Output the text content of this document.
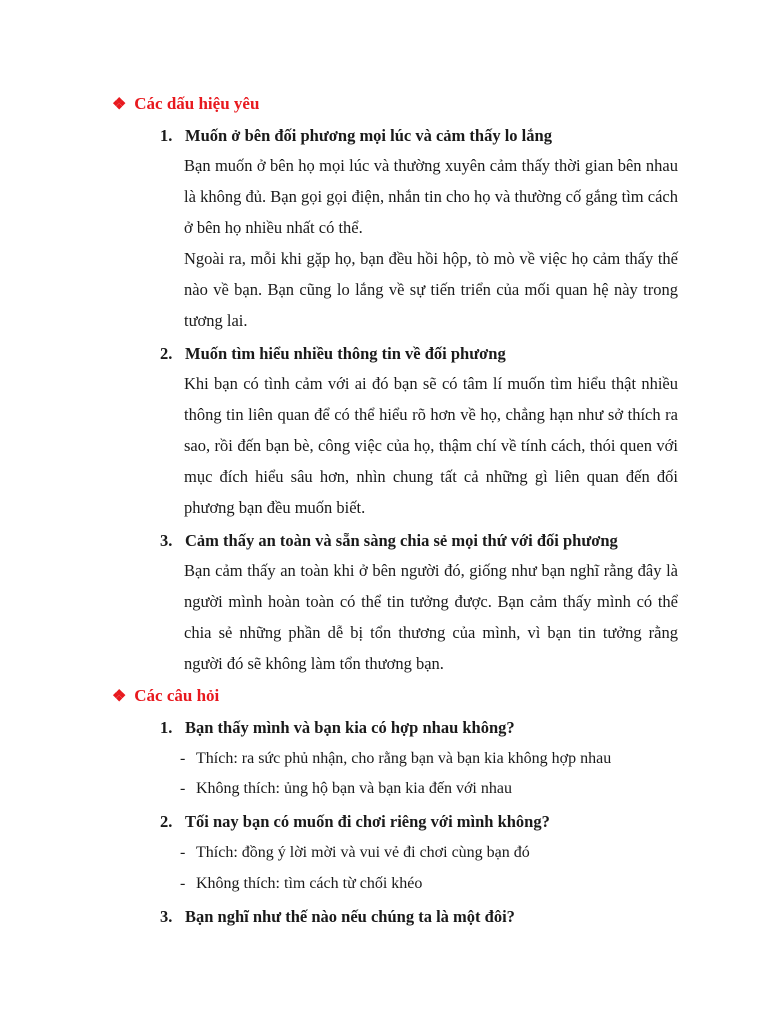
❖ Các dấu hiệu yêu
1. Muốn ở bên đối phương mọi lúc và cảm thấy lo lắng
Bạn muốn ở bên họ mọi lúc và thường xuyên cảm thấy thời gian bên nhau là không đủ. Bạn gọi gọi điện, nhắn tin cho họ và thường cố gắng tìm cách ở bên họ nhiều nhất có thể.
Ngoài ra, mỗi khi gặp họ, bạn đều hồi hộp, tò mò về việc họ cảm thấy thế nào về bạn. Bạn cũng lo lắng về sự tiến triển của mối quan hệ này trong tương lai.
2. Muốn tìm hiểu nhiều thông tin về đối phương
Khi bạn có tình cảm với ai đó bạn sẽ có tâm lí muốn tìm hiểu thật nhiều thông tin liên quan để có thể hiểu rõ hơn về họ, chẳng hạn như sở thích ra sao, rồi đến bạn bè, công việc của họ, thậm chí về tính cách, thói quen với mục đích hiểu sâu hơn, nhìn chung tất cả những gì liên quan đến đối phương bạn đều muốn biết.
3. Cảm thấy an toàn và sẵn sàng chia sẻ mọi thứ với đối phương
Bạn cảm thấy an toàn khi ở bên người đó, giống như bạn nghĩ rằng đây là người mình hoàn toàn có thể tin tưởng được. Bạn cảm thấy mình có thể chia sẻ những phần dễ bị tổn thương của mình, vì bạn tin tưởng rằng người đó sẽ không làm tổn thương bạn.
❖ Các câu hỏi
1. Bạn thấy mình và bạn kia có hợp nhau không?
- Thích: ra sức phủ nhận, cho rằng bạn và bạn kia không hợp nhau
- Không thích: ủng hộ bạn và bạn kia đến với nhau
2. Tối nay bạn có muốn đi chơi riêng với mình không?
- Thích: đồng ý lời mời và vui vẻ đi chơi cùng bạn đó
- Không thích: tìm cách từ chối khéo
3. Bạn nghĩ như thế nào nếu chúng ta là một đôi?
